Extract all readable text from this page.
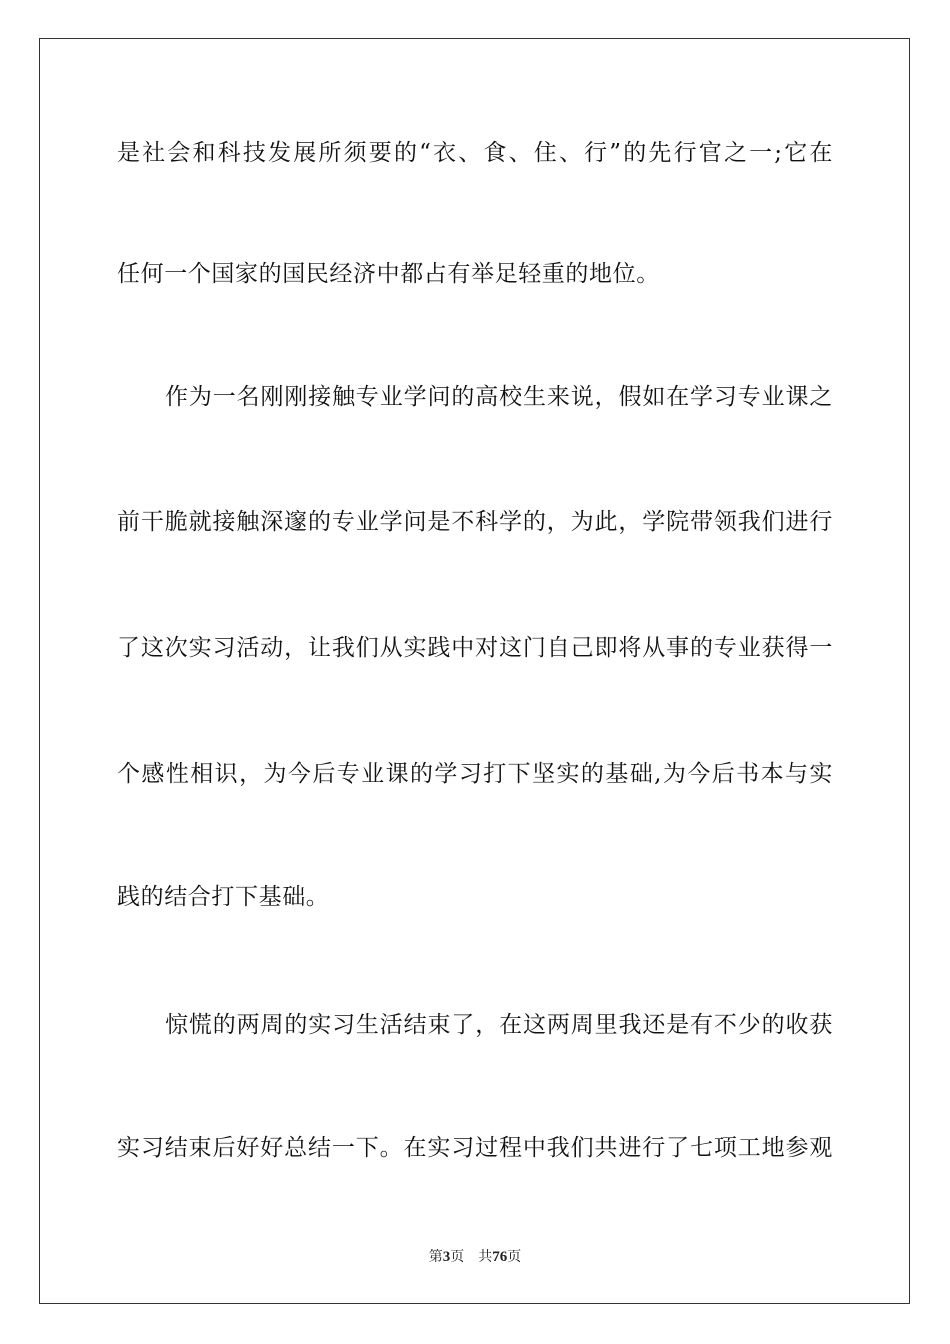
是社会和科技发展所须要的“衣、食、住、行”的先行官之一;它在
任何一个国家的国民经济中都占有举足轻重的地位。
作为一名刚刚接触专业学问的高校生来说，假如在学习专业课之
前干脆就接触深邃的专业学问是不科学的，为此，学院带领我们进行
了这次实习活动，让我们从实践中对这门自己即将从事的专业获得一
个感性相识，为今后专业课的学习打下坚实的基础,为今后书本与实
践的结合打下基础。
惊慌的两周的实习生活结束了，在这两周里我还是有不少的收获
实习结束后好好总结一下。在实习过程中我们共进行了七项工地参观
第3页 共76页
